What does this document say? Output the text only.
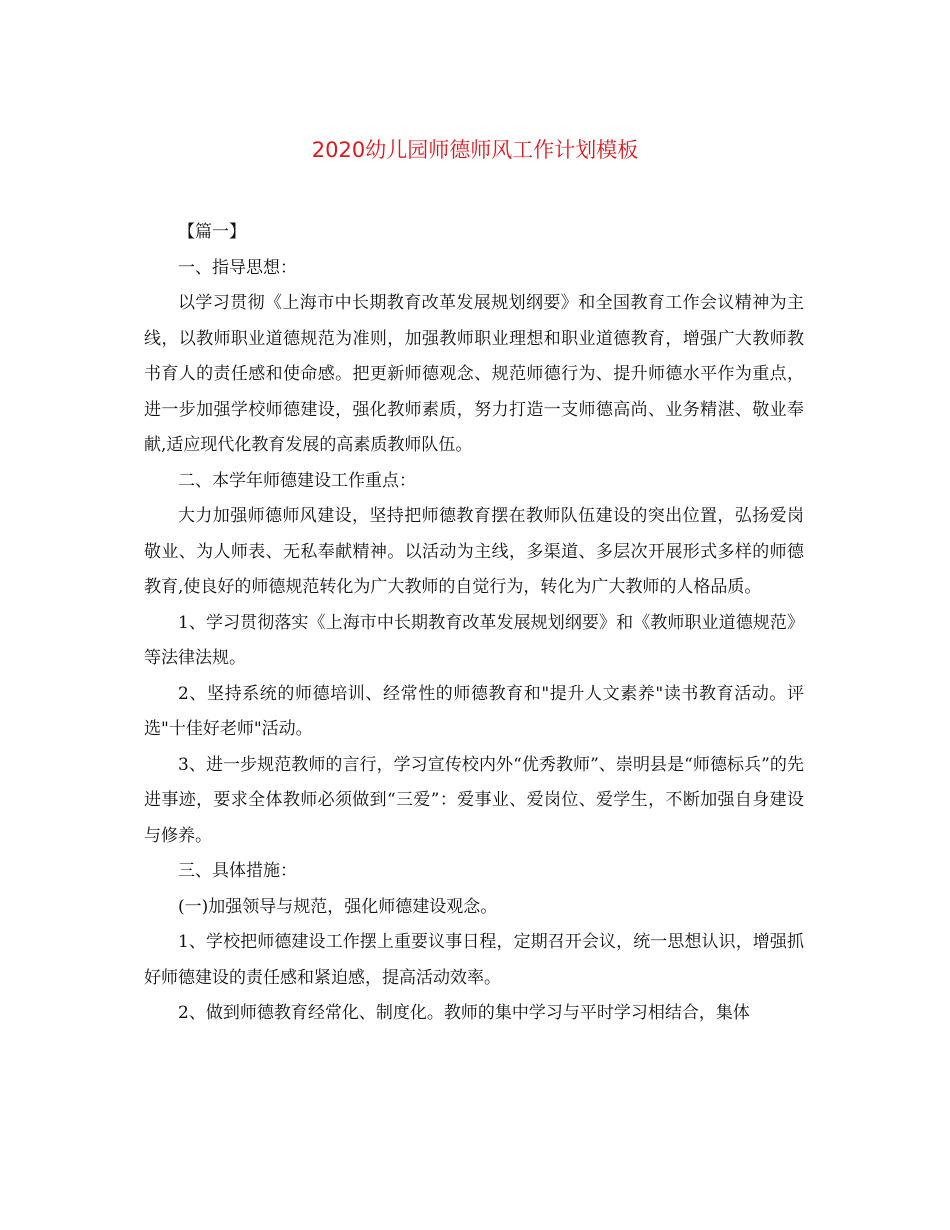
2020幼儿园师德师风工作计划模板

【篇一】

一、指导思想：

以学习贯彻《上海市中长期教育改革发展规划纲要》和全国教育工作会议精神为主线，以教师职业道德规范为准则，加强教师职业理想和职业道德教育，增强广大教师教书育人的责任感和使命感。把更新师德观念、规范师德行为、提升师德水平作为重点，进一步加强学校师德建设，强化教师素质，努力打造一支师德高尚、业务精湛、敬业奉献,适应现代化教育发展的高素质教师队伍。

二、本学年师德建设工作重点：

大力加强师德师风建设，坚持把师德教育摆在教师队伍建设的突出位置，弘扬爱岗敬业、为人师表、无私奉献精神。以活动为主线，多渠道、多层次开展形式多样的师德教育,使良好的师德规范转化为广大教师的自觉行为，转化为广大教师的人格品质。

1、学习贯彻落实《上海市中长期教育改革发展规划纲要》和《教师职业道德规范》等法律法规。

2、坚持系统的师德培训、经常性的师德教育和"提升人文素养"读书教育活动。评选"十佳好老师"活动。

3、进一步规范教师的言行，学习宣传校内外“优秀教师”、崇明县是“师德标兵”的先进事迹，要求全体教师必须做到“三爱”：爱事业、爱岗位、爱学生，不断加强自身建设与修养。

三、具体措施：

(一)加强领导与规范，强化师德建设观念。

1、学校把师德建设工作摆上重要议事日程，定期召开会议，统一思想认识，增强抓好师德建设的责任感和紧迫感，提高活动效率。

2、做到师德教育经常化、制度化。教师的集中学习与平时学习相结合，集体
